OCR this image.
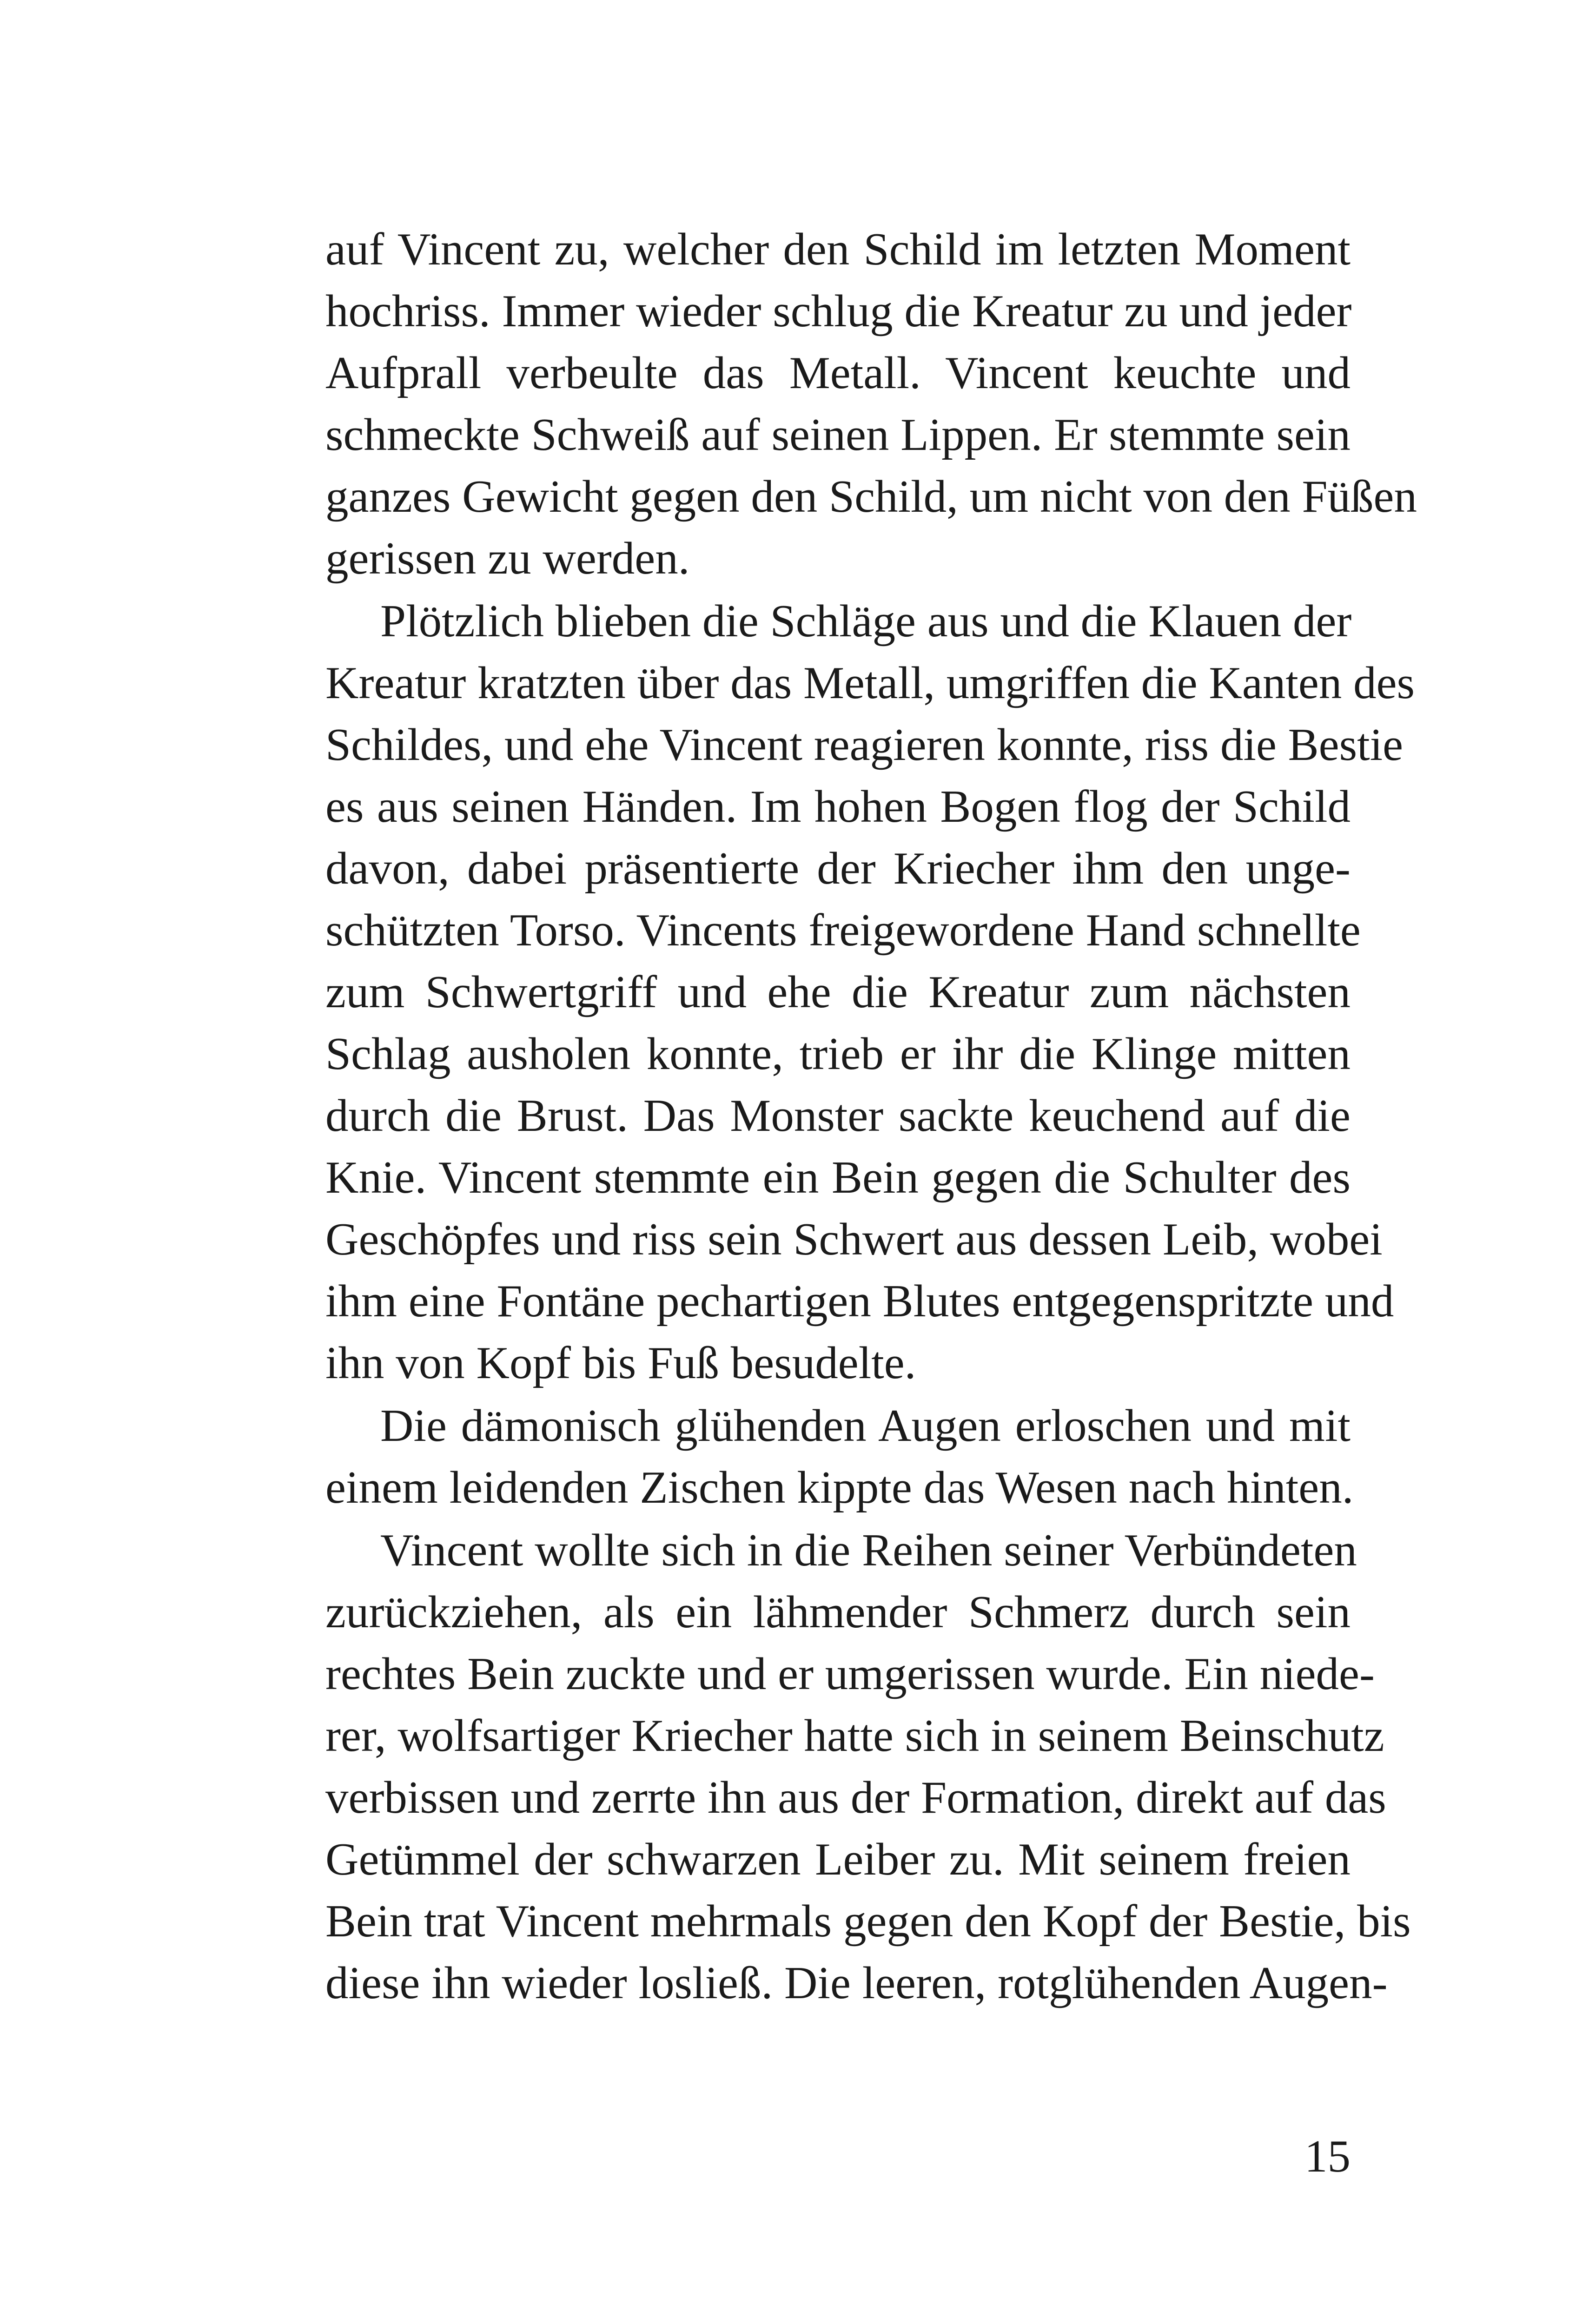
auf Vincent zu, welcher den Schild im letzten Moment
hochriss. Immer wieder schlug die Kreatur zu und jeder
Aufprall verbeulte das Metall. Vincent keuchte und
schmeckte Schweiß auf seinen Lippen. Er stemmte sein
ganzes Gewicht gegen den Schild, um nicht von den Füßen
gerissen zu werden.
Plötzlich blieben die Schläge aus und die Klauen der
Kreatur kratzten über das Metall, umgriffen die Kanten des
Schildes, und ehe Vincent reagieren konnte, riss die Bestie
es aus seinen Händen. Im hohen Bogen flog der Schild
davon, dabei präsentierte der Kriecher ihm den unge-
schützten Torso. Vincents freigewordene Hand schnellte
zum Schwertgriff und ehe die Kreatur zum nächsten
Schlag ausholen konnte, trieb er ihr die Klinge mitten
durch die Brust. Das Monster sackte keuchend auf die
Knie. Vincent stemmte ein Bein gegen die Schulter des
Geschöpfes und riss sein Schwert aus dessen Leib, wobei
ihm eine Fontäne pechartigen Blutes entgegenspritzte und
ihn von Kopf bis Fuß besudelte.
Die dämonisch glühenden Augen erloschen und mit
einem leidenden Zischen kippte das Wesen nach hinten.
Vincent wollte sich in die Reihen seiner Verbündeten
zurückziehen, als ein lähmender Schmerz durch sein
rechtes Bein zuckte und er umgerissen wurde. Ein niede-
rer, wolfsartiger Kriecher hatte sich in seinem Beinschutz
verbissen und zerrte ihn aus der Formation, direkt auf das
Getümmel der schwarzen Leiber zu. Mit seinem freien
Bein trat Vincent mehrmals gegen den Kopf der Bestie, bis
diese ihn wieder losließ. Die leeren, rotglühenden Augen-
15
